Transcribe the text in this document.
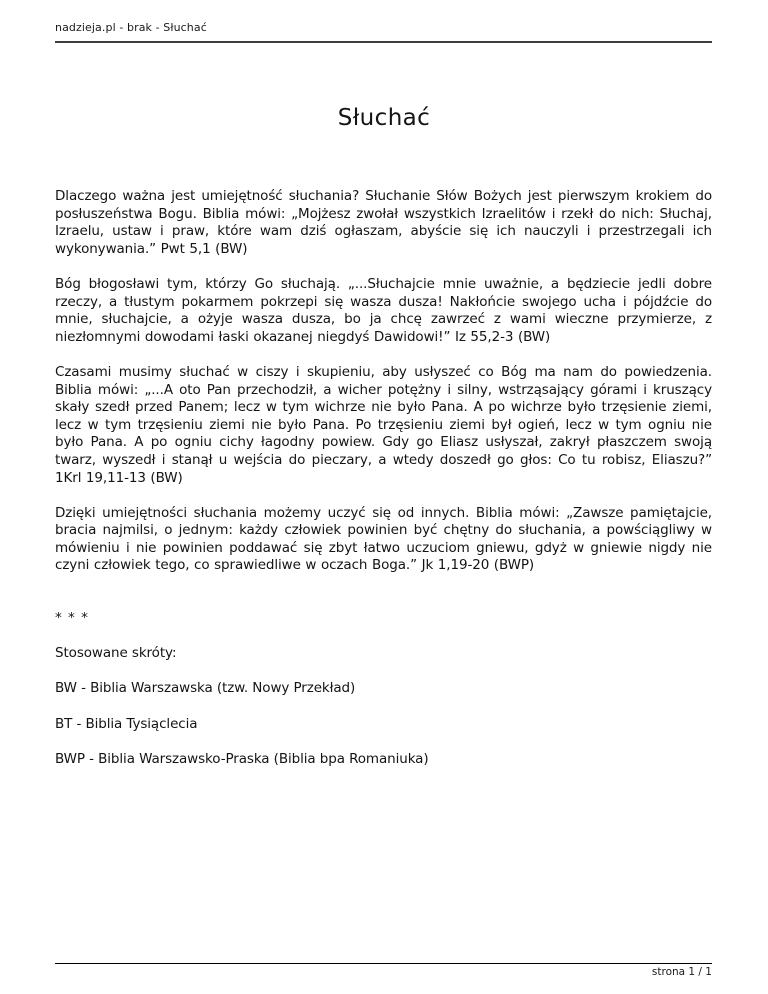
nadzieja.pl - brak - Słuchać
Słuchać

Dlaczego ważna jest umiejętność słuchania? Słuchanie Słów Bożych jest pierwszym krokiem do posłuszeństwa Bogu. Biblia mówi: „Mojżesz zwołał wszystkich Izraelitów i rzekł do nich: Słuchaj, Izraelu, ustaw i praw, które wam dziś ogłaszam, abyście się ich nauczyli i przestrzegali ich wykonywania.” Pwt 5,1 (BW)

Bóg błogosławi tym, którzy Go słuchają. „...Słuchajcie mnie uważnie, a będziecie jedli dobre rzeczy, a tłustym pokarmem pokrzepi się wasza dusza! Nakłońcie swojego ucha i pójdźcie do mnie, słuchajcie, a ożyje wasza dusza, bo ja chcę zawrzeć z wami wieczne przymierze, z niezłomnymi dowodami łaski okazanej niegdyś Dawidowi!” Iz 55,2-3 (BW)

Czasami musimy słuchać w ciszy i skupieniu, aby usłyszeć co Bóg ma nam do powiedzenia. Biblia mówi: „...A oto Pan przechodził, a wicher potężny i silny, wstrząsający górami i kruszący skały szedł przed Panem; lecz w tym wichrze nie było Pana. A po wichrze było trzęsienie ziemi, lecz w tym trzęsieniu ziemi nie było Pana. Po trzęsieniu ziemi był ogień, lecz w tym ogniu nie było Pana. A po ogniu cichy łagodny powiew. Gdy go Eliasz usłyszał, zakrył płaszczem swoją twarz, wyszedł i stanął u wejścia do pieczary, a wtedy doszedł go głos: Co tu robisz, Eliaszu?” 1Krl 19,11-13 (BW)

Dzięki umiejętności słuchania możemy uczyć się od innych. Biblia mówi: „Zawsze pamiętajcie, bracia najmilsi, o jednym: każdy człowiek powinien być chętny do słuchania, a powściągliwy w mówieniu i nie powinien poddawać się zbyt łatwo uczuciom gniewu, gdyż w gniewie nigdy nie czyni człowiek tego, co sprawiedliwe w oczach Boga.” Jk 1,19-20 (BWP)

* * *

Stosowane skróty:

BW - Biblia Warszawska (tzw. Nowy Przekład)

BT - Biblia Tysiąclecia

BWP - Biblia Warszawsko-Praska (Biblia bpa Romaniuka)

strona 1 / 1
